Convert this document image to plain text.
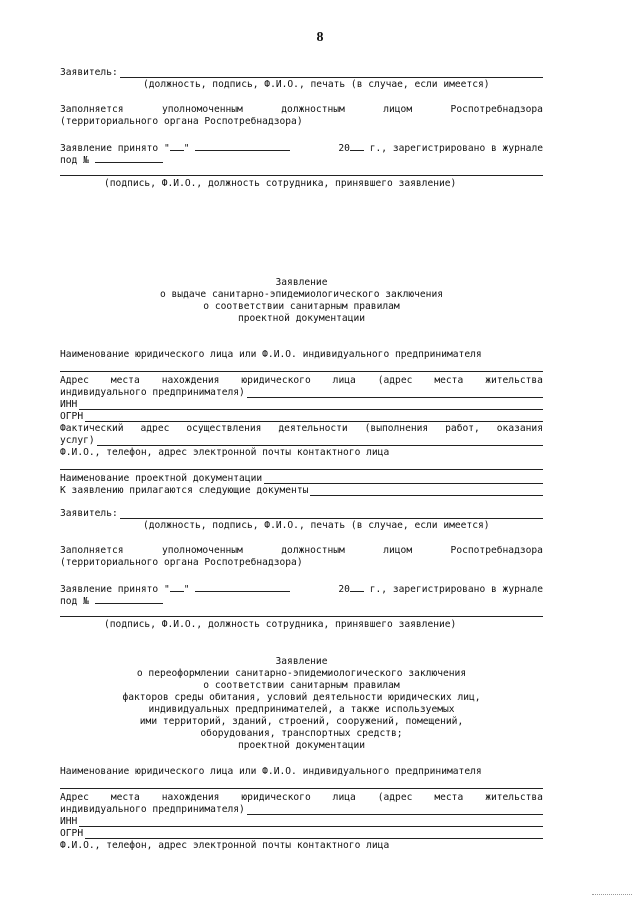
8
Заявитель:
(должность, подпись, Ф.И.О., печать (в случае, если имеется)
Заполняется	уполномоченным	должностным	лицом	Роспотребнадзора
(территориального органа Роспотребнадзора)
Заявление принято " "	20 г., зарегистрировано в журнале
под №
(подпись, Ф.И.О., должность сотрудника, принявшего заявление)
Заявление
о выдаче санитарно-эпидемиологического заключения
о соответствии санитарным правилам
проектной документации
Наименование юридического лица или Ф.И.О. индивидуального предпринимателя
Адрес места нахождения юридического лица (адрес места жительства
индивидуального предпринимателя)
ИНН
ОГРН
Фактический адрес осуществления деятельности (выполнения работ, оказания
услуг)
Ф.И.О., телефон, адрес электронной почты контактного лица
Наименование проектной документации
К заявлению прилагаются следующие документы
Заявитель:
(должность, подпись, Ф.И.О., печать (в случае, если имеется)
Заполняется	уполномоченным	должностным	лицом	Роспотребнадзора
(территориального органа Роспотребнадзора)
Заявление принято " "	20 г., зарегистрировано в журнале
под №
(подпись, Ф.И.О., должность сотрудника, принявшего заявление)
Заявление
о переоформлении санитарно-эпидемиологического заключения
о соответствии санитарным правилам
факторов среды обитания, условий деятельности юридических лиц,
индивидуальных предпринимателей, а также используемых
ими территорий, зданий, строений, сооружений, помещений,
оборудования, транспортных средств;
проектной документации
Наименование юридического лица или Ф.И.О. индивидуального предпринимателя
Адрес места нахождения юридического лица (адрес места жительства
индивидуального предпринимателя)
ИНН
ОГРН
Ф.И.О., телефон, адрес электронной почты контактного лица
